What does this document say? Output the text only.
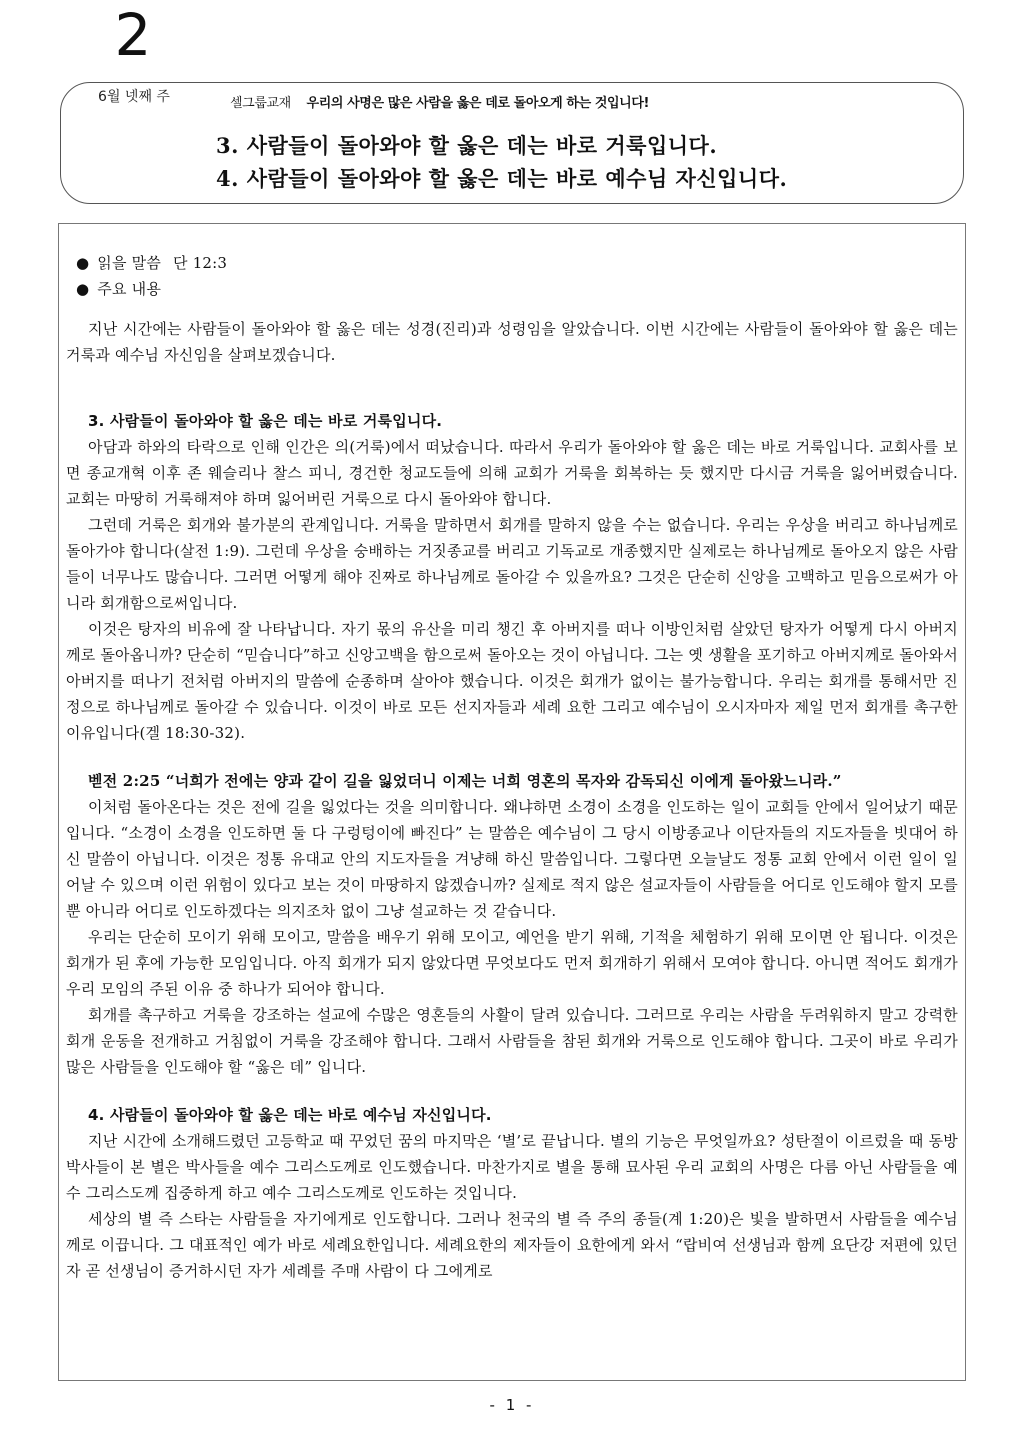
2
6월 넷째 주	셀그룹교재 우리의 사명은 많은 사람을 옳은 데로 돌아오게 하는 것입니다!
3. 사람들이 돌아와야 할 옳은 데는 바로 거룩입니다.
4. 사람들이 돌아와야 할 옳은 데는 바로 예수님 자신입니다.
● 읽을 말씀 단 12:3
● 주요 내용

지난 시간에는 사람들이 돌아와야 할 옳은 데는 성경(진리)과 성령임을 알았습니다. 이번 시간에는 사람들이 돌아와야 할 옳은 데는 거룩과 예수님 자신임을 살펴보겠습니다.

3. 사람들이 돌아와야 할 옳은 데는 바로 거룩입니다.

아담과 하와의 타락으로 인해 인간은 의(거룩)에서 떠났습니다. 따라서 우리가 돌아와야 할 옳은 데는 바로 거룩입니다. 교회사를 보면 종교개혁 이후 존 웨슬리나 찰스 피니, 경건한 청교도들에 의해 교회가 거룩을 회복하는 듯 했지만 다시금 거룩을 잃어버렸습니다. 교회는 마땅히 거룩해져야 하며 잃어버린 거룩으로 다시 돌아와야 합니다.

그런데 거룩은 회개와 불가분의 관계입니다. 거룩을 말하면서 회개를 말하지 않을 수는 없습니다. 우리는 우상을 버리고 하나님께로 돌아가야 합니다(살전 1:9). 그런데 우상을 숭배하는 거짓종교를 버리고 기독교로 개종했지만 실제로는 하나님께로 돌아오지 않은 사람들이 너무나도 많습니다. 그러면 어떻게 해야 진짜로 하나님께로 돌아갈 수 있을까요? 그것은 단순히 신앙을 고백하고 믿음으로써가 아니라 회개함으로써입니다.

이것은 탕자의 비유에 잘 나타납니다. 자기 몫의 유산을 미리 챙긴 후 아버지를 떠나 이방인처럼 살았던 탕자가 어떻게 다시 아버지께로 돌아옵니까? 단순히 “믿습니다”하고 신앙고백을 함으로써 돌아오는 것이 아닙니다. 그는 옛 생활을 포기하고 아버지께로 돌아와서 아버지를 떠나기 전처럼 아버지의 말씀에 순종하며 살아야 했습니다. 이것은 회개가 없이는 불가능합니다. 우리는 회개를 통해서만 진정으로 하나님께로 돌아갈 수 있습니다. 이것이 바로 모든 선지자들과 세례 요한 그리고 예수님이 오시자마자 제일 먼저 회개를 촉구한 이유입니다(겔 18:30-32).

벧전 2:25 “너희가 전에는 양과 같이 길을 잃었더니 이제는 너희 영혼의 목자와 감독되신 이에게 돌아왔느니라.”

이처럼 돌아온다는 것은 전에 길을 잃었다는 것을 의미합니다. 왜냐하면 소경이 소경을 인도하는 일이 교회들 안에서 일어났기 때문입니다. “소경이 소경을 인도하면 둘 다 구렁텅이에 빠진다” 는 말씀은 예수님이 그 당시 이방종교나 이단자들의 지도자들을 빗대어 하신 말씀이 아닙니다. 이것은 정통 유대교 안의 지도자들을 겨냥해 하신 말씀입니다. 그렇다면 오늘날도 정통 교회 안에서 이런 일이 일어날 수 있으며 이런 위험이 있다고 보는 것이 마땅하지 않겠습니까? 실제로 적지 않은 설교자들이 사람들을 어디로 인도해야 할지 모를 뿐 아니라 어디로 인도하겠다는 의지조차 없이 그냥 설교하는 것 같습니다.

우리는 단순히 모이기 위해 모이고, 말씀을 배우기 위해 모이고, 예언을 받기 위해, 기적을 체험하기 위해 모이면 안 됩니다. 이것은 회개가 된 후에 가능한 모임입니다. 아직 회개가 되지 않았다면 무엇보다도 먼저 회개하기 위해서 모여야 합니다. 아니면 적어도 회개가 우리 모임의 주된 이유 중 하나가 되어야 합니다.

회개를 촉구하고 거룩을 강조하는 설교에 수많은 영혼들의 사활이 달려 있습니다. 그러므로 우리는 사람을 두려워하지 말고 강력한 회개 운동을 전개하고 거침없이 거룩을 강조해야 합니다. 그래서 사람들을 참된 회개와 거룩으로 인도해야 합니다. 그곳이 바로 우리가 많은 사람들을 인도해야 할 “옳은 데” 입니다.

4. 사람들이 돌아와야 할 옳은 데는 바로 예수님 자신입니다.

지난 시간에 소개해드렸던 고등학교 때 꾸었던 꿈의 마지막은 ‘별’로 끝납니다. 별의 기능은 무엇일까요? 성탄절이 이르렀을 때 동방박사들이 본 별은 박사들을 예수 그리스도께로 인도했습니다. 마찬가지로 별을 통해 묘사된 우리 교회의 사명은 다름 아닌 사람들을 예수 그리스도께 집중하게 하고 예수 그리스도께로 인도하는 것입니다.

세상의 별 즉 스타는 사람들을 자기에게로 인도합니다. 그러나 천국의 별 즉 주의 종들(계 1:20)은 빛을 발하면서 사람들을 예수님께로 이끕니다. 그 대표적인 예가 바로 세례요한입니다. 세례요한의 제자들이 요한에게 와서 “랍비여 선생님과 함께 요단강 저편에 있던 자 곧 선생님이 증거하시던 자가 세례를 주매 사람이 다 그에게로

- 1 -
